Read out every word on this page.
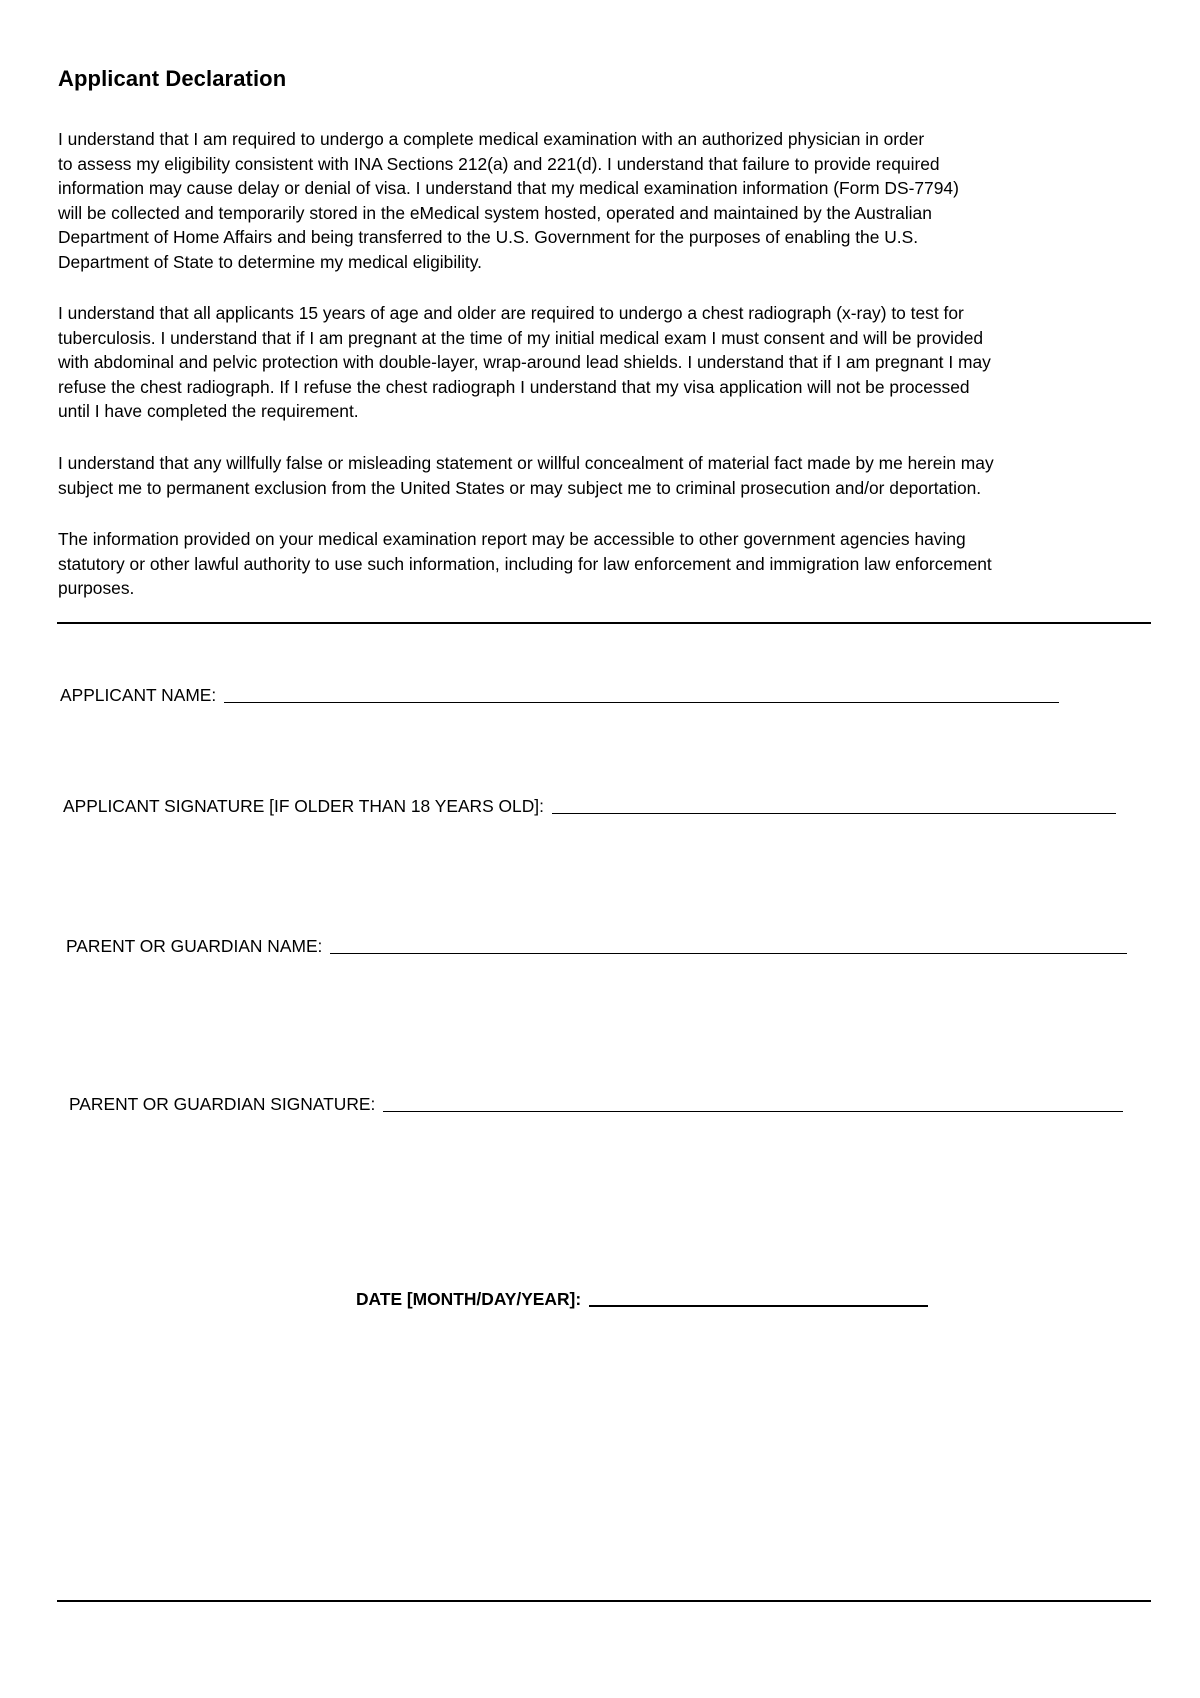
Applicant Declaration
I understand that I am required to undergo a complete medical examination with an authorized physician in order
to assess my eligibility consistent with INA Sections 212(a) and 221(d). I understand that failure to provide required
information may cause delay or denial of visa. I understand that my medical examination information (Form DS-7794)
will be collected and temporarily stored in the eMedical system hosted, operated and maintained by the Australian
Department of Home Affairs and being transferred to the U.S. Government for the purposes of enabling the U.S.
Department of State to determine my medical eligibility.
I understand that all applicants 15 years of age and older are required to undergo a chest radiograph (x-ray) to test for
tuberculosis. I understand that if I am pregnant at the time of my initial medical exam I must consent and will be provided
with abdominal and pelvic protection with double-layer, wrap-around lead shields. I understand that if I am pregnant I may
refuse the chest radiograph. If I refuse the chest radiograph I understand that my visa application will not be processed
until I have completed the requirement.
I understand that any willfully false or misleading statement or willful concealment of material fact made by me herein may
subject me to permanent exclusion from the United States or may subject me to criminal prosecution and/or deportation.
The information provided on your medical examination report may be accessible to other government agencies having
statutory or other lawful authority to use such information, including for law enforcement and immigration law enforcement
purposes.
APPLICANT NAME:
APPLICANT SIGNATURE [IF OLDER THAN 18 YEARS OLD]:
PARENT OR GUARDIAN NAME:
PARENT OR GUARDIAN SIGNATURE:
DATE [MONTH/DAY/YEAR]:
